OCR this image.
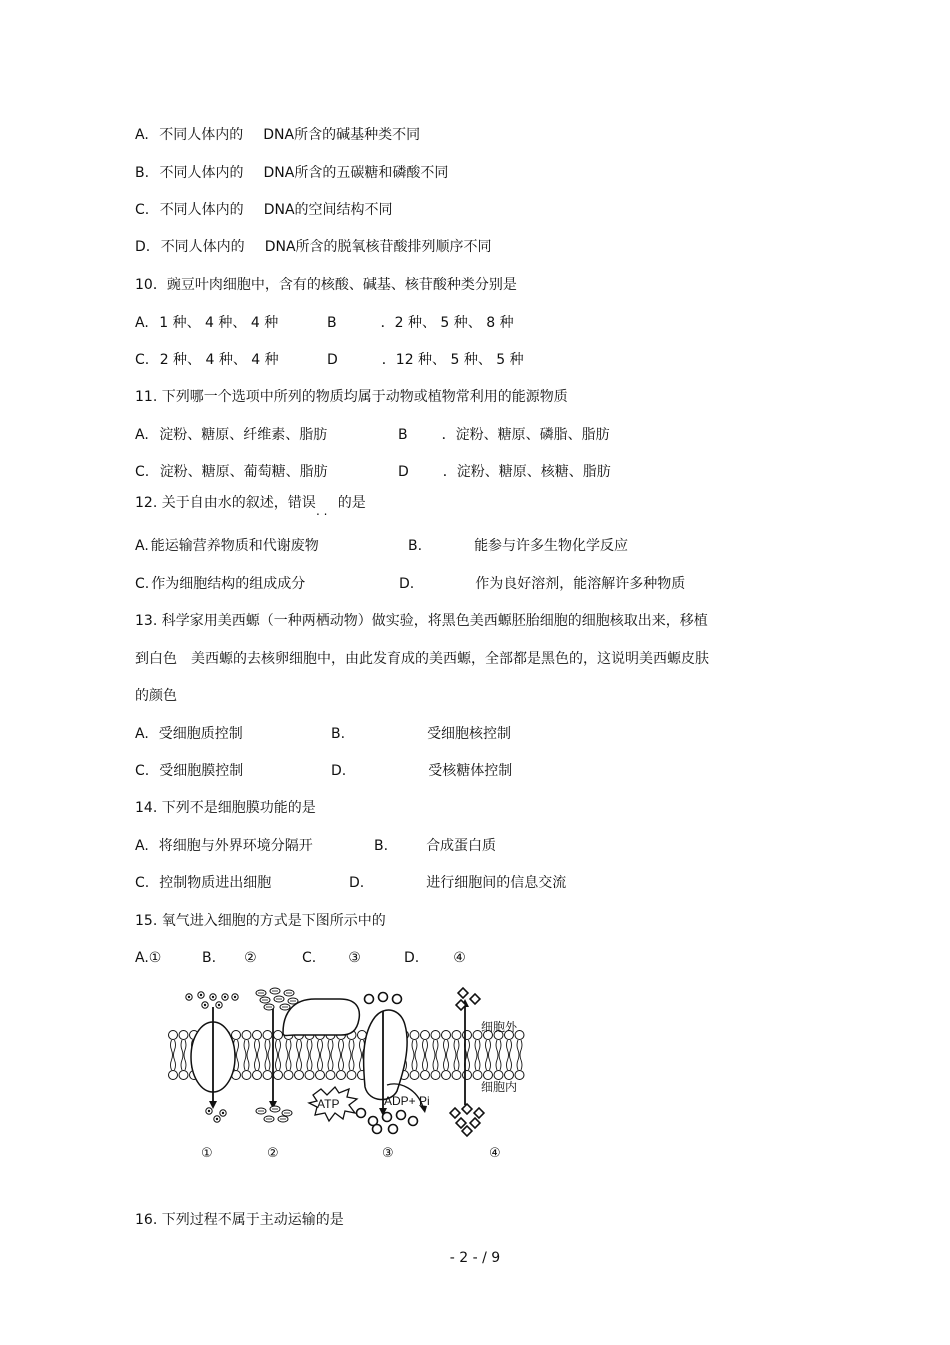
A. 不同人体内的 DNA所含的碱基种类不同
B. 不同人体内的 DNA所含的五碳糖和磷酸不同
C. 不同人体内的 DNA的空间结构不同
D. 不同人体内的 DNA所含的脱氧核苷酸排列顺序不同
10．豌豆叶肉细胞中，含有的核酸、碱基、核苷酸种类分别是
A. 1 种、 4 种、 4 种	B	．2 种、 5 种、 8 种
C. 2 种、 4 种、 4 种	D	．12 种、 5 种、 5 种
11. 下列哪一个选项中所列的物质均属于动物或植物常利用的能源物质
A. 淀粉、糖原、纤维素、脂肪	B ．淀粉、糖原、磷脂、脂肪
C. 淀粉、糖原、葡萄糖、脂肪	D ．淀粉、糖原、核糖、脂肪
12. 关于自由水的叙述，错误 的是
. .
A. 能运输营养物质和代谢废物	B.	能参与许多生物化学反应
C. 作为细胞结构的组成成分	D.	作为良好溶剂，能溶解许多种物质
13. 科学家用美西螈（一种两栖动物）做实验，将黑色美西螈胚胎细胞的细胞核取出来，移植
到白色 美西螈的去核卵细胞中，由此发育成的美西螈，全部都是黑色的，这说明美西螈皮肤
的颜色
A. 受细胞质控制	B.	受细胞核控制
C. 受细胞膜控制	D.	受核糖体控制
14. 下列不是细胞膜功能的是
A. 将细胞与外界环境分隔开	B.	合成蛋白质
C. 控制物质进出细胞	D.	进行细胞间的信息交流
15. 氧气进入细胞的方式是下图所示中的
A.①	B. ②	C. ③	D. ④
ATP	ADP+ Pi
细胞外
细胞内
①	②	③	④
16. 下列过程不属于主动运输的是
- 2 - / 9
